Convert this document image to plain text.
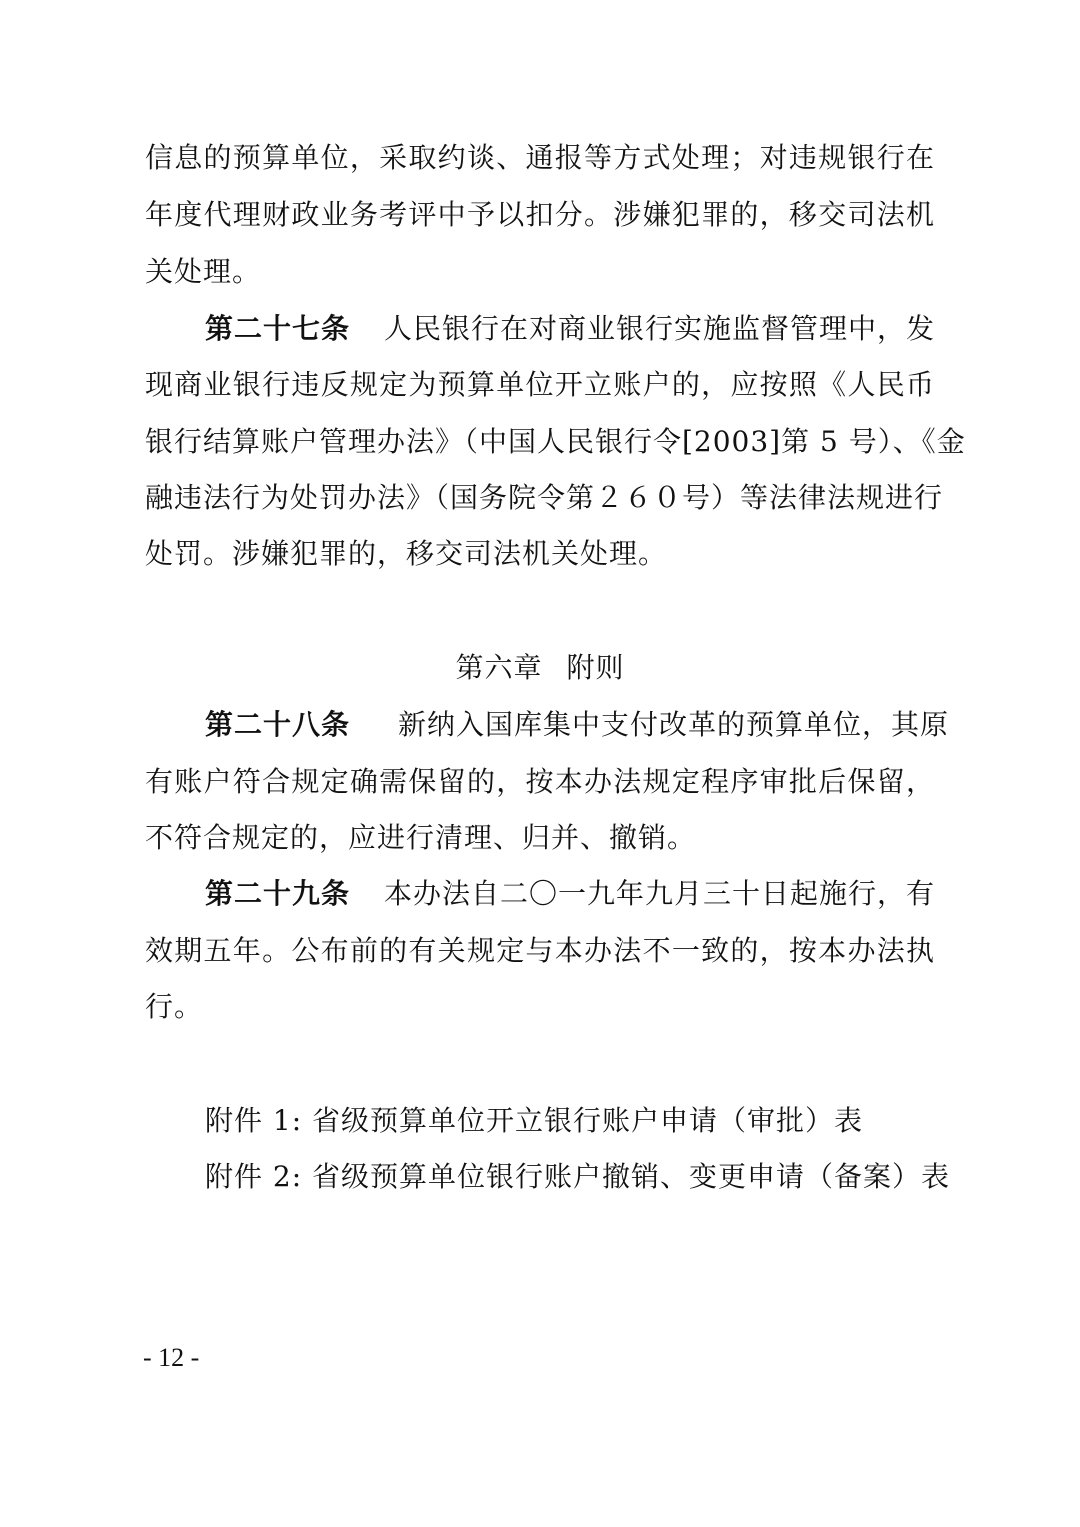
信息的预算单位，采取约谈、通报等方式处理；对违规银行在
年度代理财政业务考评中予以扣分。涉嫌犯罪的，移交司法机
关处理。
第二十七条 人民银行在对商业银行实施监督管理中，发
现商业银行违反规定为预算单位开立账户的，应按照《人民币
银行结算账户管理办法》（中国人民银行令[2003]第 5 号）、《金
融违法行为处罚办法》（国务院令第２６０号）等法律法规进行
处罚。涉嫌犯罪的，移交司法机关处理。
第六章 附则
第二十八条 新纳入国库集中支付改革的预算单位，其原
有账户符合规定确需保留的，按本办法规定程序审批后保留，
不符合规定的，应进行清理、归并、撤销。
第二十九条 本办法自二〇一九年九月三十日起施行，有
效期五年。公布前的有关规定与本办法不一致的，按本办法执
行。
附件 1: 省级预算单位开立银行账户申请（审批）表
附件 2: 省级预算单位银行账户撤销、变更申请（备案）表
- 12 -
